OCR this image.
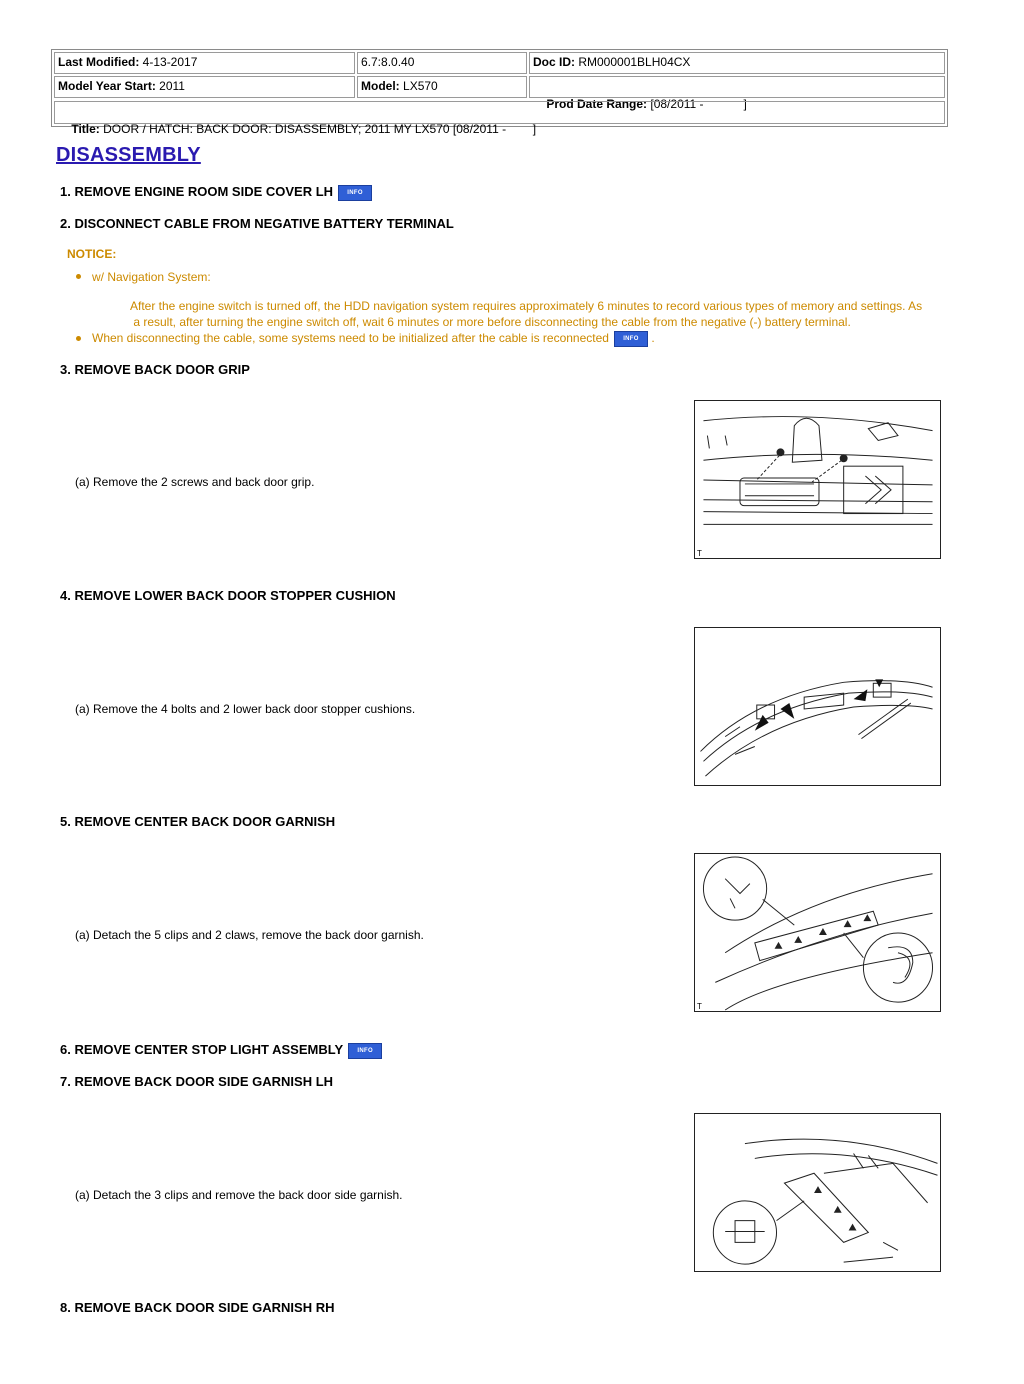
Last Modified: 4-13-2017	6.7:8.0.40	Doc ID: RM000001BLH04CX
Model Year Start: 2011	Model: LX570

Prod Date Range: [08/2011 -            ]

Title: DOOR / HATCH: BACK DOOR: DISASSEMBLY; 2011 MY LX570 [08/2011 -        ]

DISASSEMBLY

1. REMOVE ENGINE ROOM SIDE COVER LH INFO

2. DISCONNECT CABLE FROM NEGATIVE BATTERY TERMINAL

NOTICE:
w/ Navigation System:
After the engine switch is turned off, the HDD navigation system requires approximately 6 minutes to record various types of memory and settings. As
a result, after turning the engine switch off, wait 6 minutes or more before disconnecting the cable from the negative (-) battery terminal.
When disconnecting the cable, some systems need to be initialized after the cable is reconnected INFO .

3. REMOVE BACK DOOR GRIP

(a) Remove the 2 screws and back door grip.
T

4. REMOVE LOWER BACK DOOR STOPPER CUSHION

(a) Remove the 4 bolts and 2 lower back door stopper cushions.

5. REMOVE CENTER BACK DOOR GARNISH

(a) Detach the 5 clips and 2 claws, remove the back door garnish.
T

6. REMOVE CENTER STOP LIGHT ASSEMBLY INFO

7. REMOVE BACK DOOR SIDE GARNISH LH

(a) Detach the 3 clips and remove the back door side garnish.

8. REMOVE BACK DOOR SIDE GARNISH RH
